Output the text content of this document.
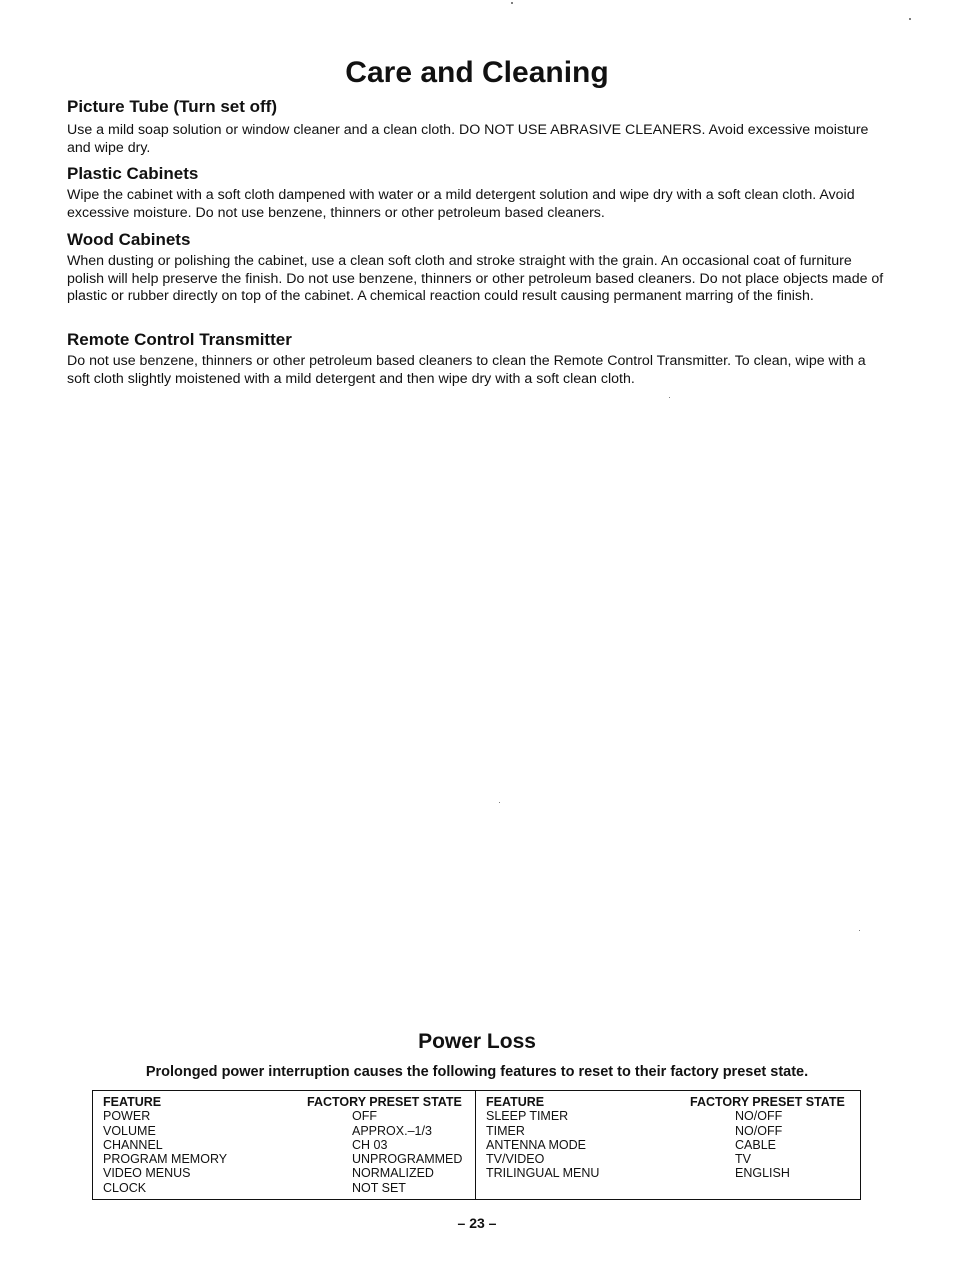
Care and Cleaning
Picture Tube (Turn set off)

Use a mild soap solution or window cleaner and a clean cloth. DO NOT USE ABRASIVE CLEANERS. Avoid excessive moisture and wipe dry.

Plastic Cabinets

Wipe the cabinet with a soft cloth dampened with water or a mild detergent solution and wipe dry with a soft clean cloth. Avoid excessive moisture. Do not use benzene, thinners or other petroleum based cleaners.

Wood Cabinets

When dusting or polishing the cabinet, use a clean soft cloth and stroke straight with the grain. An occasional coat of furniture polish will help preserve the finish. Do not use benzene, thinners or other petroleum based cleaners. Do not place objects made of plastic or rubber directly on top of the cabinet. A chemical reaction could result causing permanent marring of the finish.

Remote Control Transmitter

Do not use benzene, thinners or other petroleum based cleaners to clean the Remote Control Transmitter. To clean, wipe with a soft cloth slightly moistened with a mild detergent and then wipe dry with a soft clean cloth.

Power Loss

Prolonged power interruption causes the following features to reset to their factory preset state.

FEATURE
POWER
VOLUME
CHANNEL
PROGRAM MEMORY
VIDEO MENUS
CLOCK
FACTORY PRESET STATE
OFF
APPROX.–1/3
CH 03
UNPROGRAMMED
NORMALIZED
NOT SET
FEATURE
SLEEP TIMER
TIMER
ANTENNA MODE
TV/VIDEO
TRILINGUAL MENU
FACTORY PRESET STATE
NO/OFF
NO/OFF
CABLE
TV
ENGLISH
– 23 –
